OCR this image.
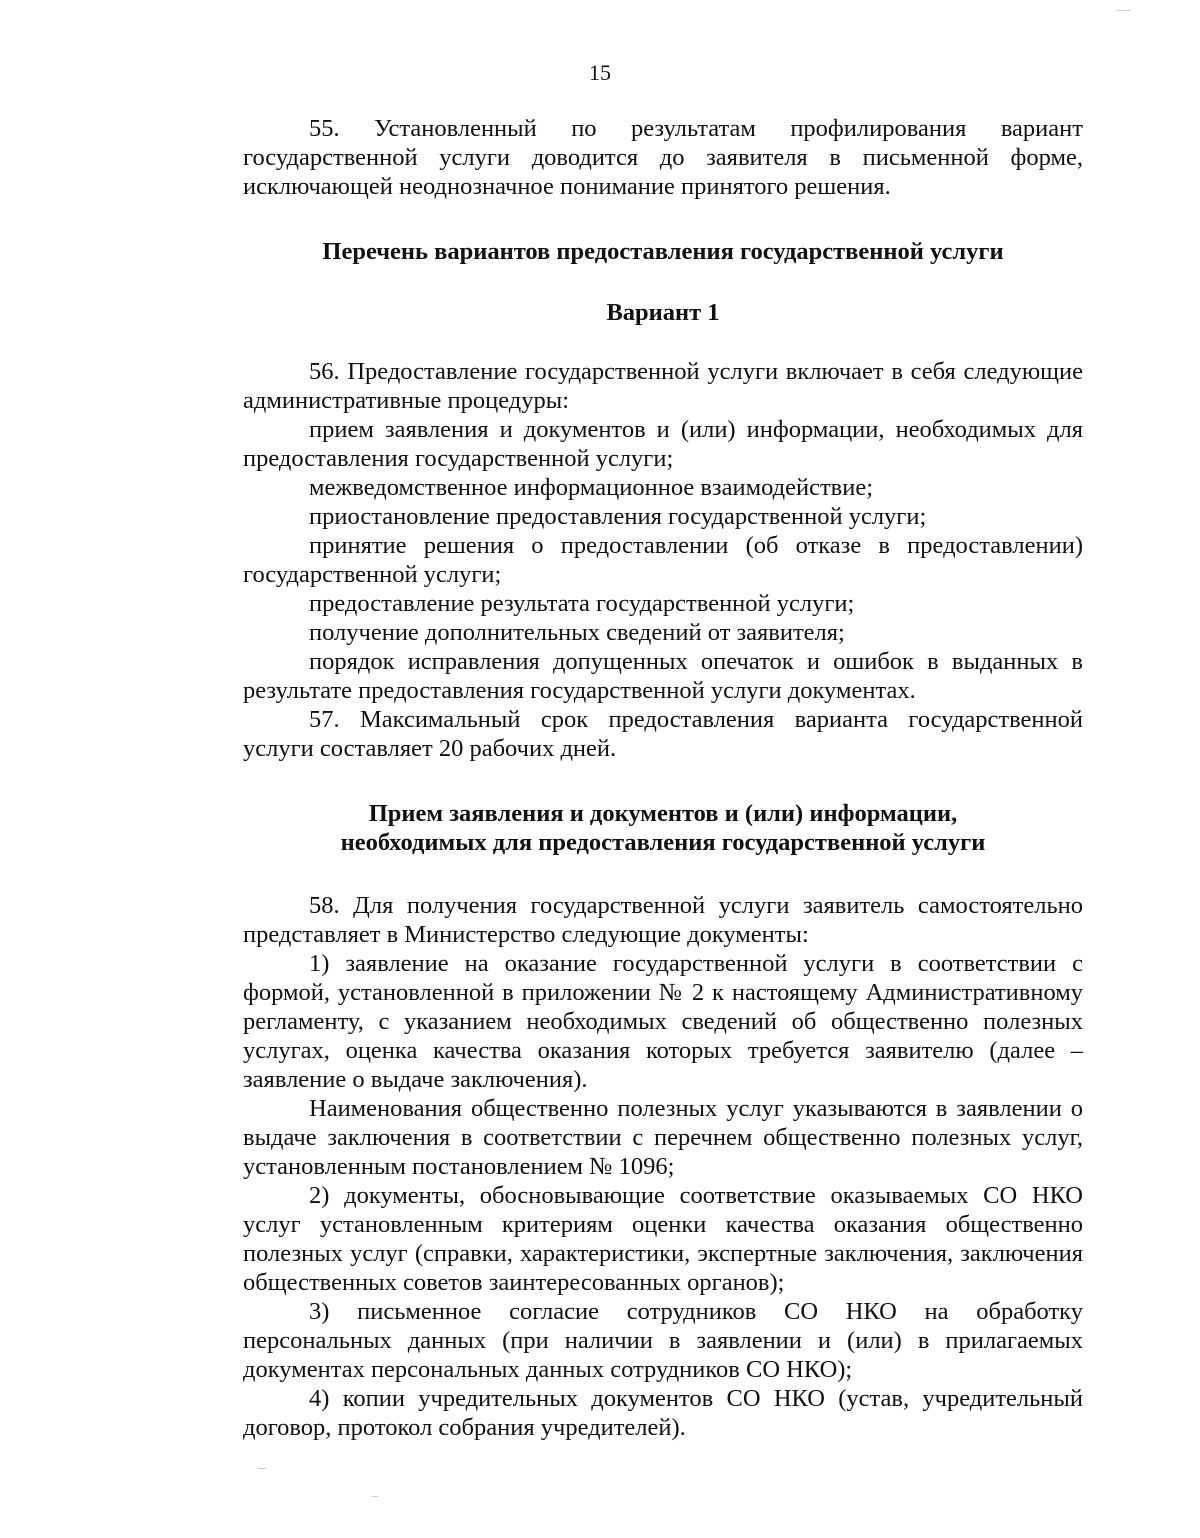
15

55. Установленный по результатам профилирования вариант государственной услуги доводится до заявителя в письменной форме, исключающей неоднозначное понимание принятого решения.

Перечень вариантов предоставления государственной услуги

Вариант 1

56. Предоставление государственной услуги включает в себя следующие административные процедуры:

прием заявления и документов и (или) информации, необходимых для предоставления государственной услуги;

межведомственное информационное взаимодействие;

приостановление предоставления государственной услуги;

принятие решения о предоставлении (об отказе в предоставлении) государственной услуги;

предоставление результата государственной услуги;

получение дополнительных сведений от заявителя;

порядок исправления допущенных опечаток и ошибок в выданных в результате предоставления государственной услуги документах.

57. Максимальный срок предоставления варианта государственной услуги составляет 20 рабочих дней.

Прием заявления и документов и (или) информации,
необходимых для предоставления государственной услуги

58. Для получения государственной услуги заявитель самостоятельно представляет в Министерство следующие документы:

1) заявление на оказание государственной услуги в соответствии с формой, установленной в приложении № 2 к настоящему Административному регламенту, с указанием необходимых сведений об общественно полезных услугах, оценка качества оказания которых требуется заявителю (далее – заявление о выдаче заключения).

Наименования общественно полезных услуг указываются в заявлении о выдаче заключения в соответствии с перечнем общественно полезных услуг, установленным постановлением № 1096;

2) документы, обосновывающие соответствие оказываемых СО НКО услуг установленным критериям оценки качества оказания общественно полезных услуг (справки, характеристики, экспертные заключения, заключения общественных советов заинтересованных органов);

3) письменное согласие сотрудников СО НКО на обработку персональных данных (при наличии в заявлении и (или) в прилагаемых документах персональных данных сотрудников СО НКО);

4) копии учредительных документов СО НКО (устав, учредительный договор, протокол собрания учредителей).
